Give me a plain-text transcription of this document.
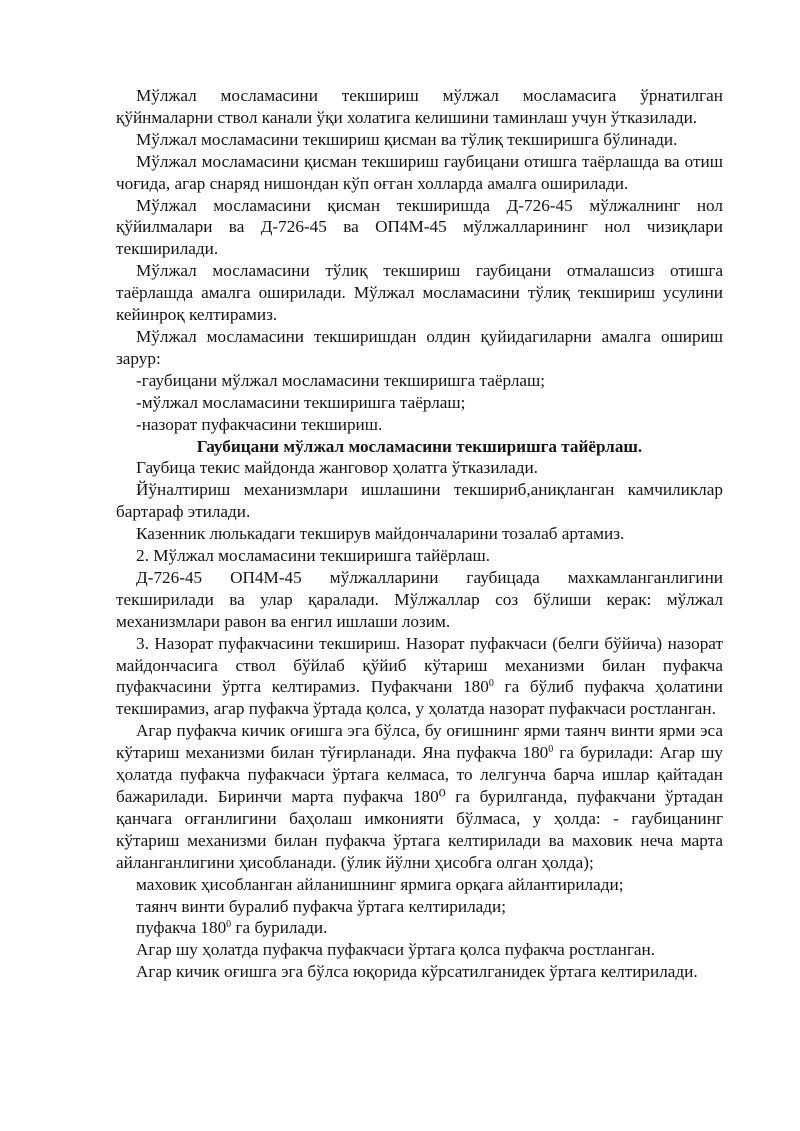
Мўлжал мосламасини текшириш мўлжал мосламасига ўрнатилган қўйнмаларни ствол канали ўқи холатига келишини таминлаш учун ўтказилади.

Мўлжал мосламасини текшириш қисман ва тўлиқ текширишга бўлинади.

Мўлжал мосламасини қисман текшириш гаубицани отишга таёрлашда ва отиш чоғида, агар снаряд нишондан кўп оғган холларда амалга оширилади.

Мўлжал мосламасини қисман текширишда Д-726-45 мўлжалнинг нол қўйилмалари ва Д-726-45 ва ОП4М-45 мўлжалларининг нол чизиқлари текширилади.

Мўлжал мосламасини тўлиқ текшириш гаубицани отмалашсиз отишга таёрлашда амалга оширилади. Мўлжал мосламасини тўлиқ текшириш усулини кейинроқ келтирамиз.

Мўлжал мосламасини текширишдан олдин қуйидагиларни амалга ошириш зарур:

-гаубицани мўлжал мосламасини текширишга таёрлаш;

-мўлжал мосламасини текширишга таёрлаш;

-назорат пуфакчасини текшириш.

Гаубицани мўлжал мосламасини текширишга тайёрлаш.

Гаубица текис майдонда жанговор ҳолатга ўтказилади.

Йўналтириш механизмлари ишлашини текшириб,аниқланган камчиликлар бартараф этилади.

Казенник люлькадаги текширув майдончаларини тозалаб артамиз.

2. Мўлжал мосламасини текширишга тайёрлаш.

Д-726-45 ОП4М-45 мўлжалларини гаубицада махкамланганлигини текширилади ва улар қаралади. Мўлжаллар соз бўлиши керак: мўлжал механизмлари равон ва енгил ишлаши лозим.

3. Назорат пуфакчасини текшириш. Назорат пуфакчаси (белги бўйича) назорат майдончасига ствол бўйлаб қўйиб кўтариш механизми билан пуфакча пуфакчасини ўртга келтирамиз. Пуфакчани $180^0$ га бўлиб пуфакча ҳолатини текширамиз, агар пуфакча ўртада қолса, у ҳолатда назорат пуфакчаси ростланган.

Агар пуфакча кичик оғишга эга бўлса, бу оғишнинг ярми таянч винти ярми эса кўтариш механизми билан тўғирланади. Яна пуфакча $180^0$ га бурилади: Агар шу ҳолатда пуфакча пуфакчаси ўртага келмаса, то лелгунча барча ишлар қайтадан бажарилади. Биринчи марта пуфакча 180⁰ га бурилганда, пуфакчани ўртадан қанчага оғганлигини баҳолаш имконияти бўлмаса, у ҳолда: - гаубицанинг кўтариш механизми билан пуфакча ўртага келтирилади ва маховик неча марта айланганлигини ҳисобланади. (ўлик йўлни ҳисобга олган ҳолда);

маховик ҳисобланган айланишнинг ярмига орқага айлантирилади;

таянч винти буралиб пуфакча ўртага келтирилади;

пуфакча $180^0$ га бурилади.

Агар шу ҳолатда пуфакча пуфакчаси ўртага қолса пуфакча ростланган.

Агар кичик оғишга эга бўлса юқорида кўрсатилганидек ўртага келтирилади.
